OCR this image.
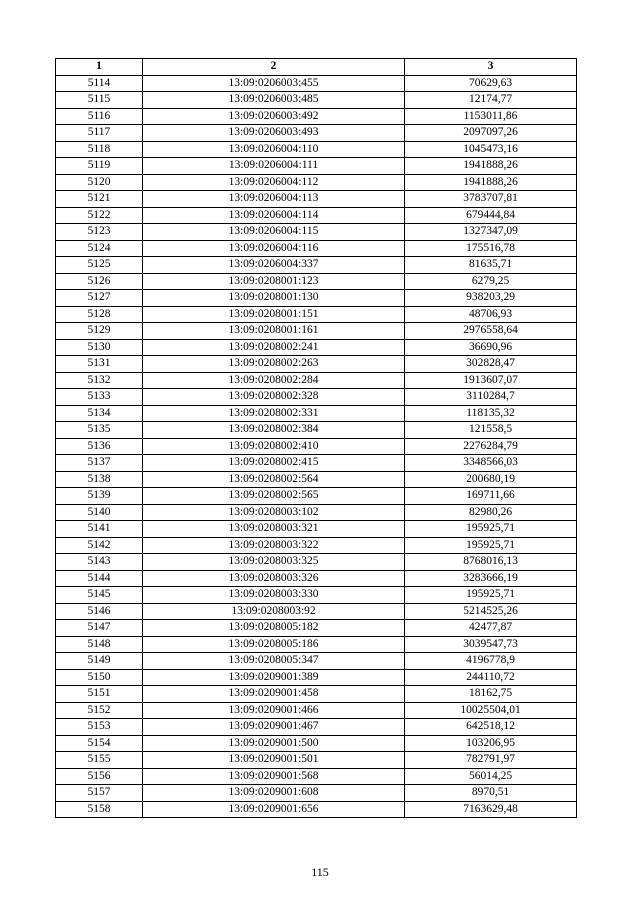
1	2	3
5114	13:09:0206003:455	70629,63
5115	13:09:0206003:485	12174,77
5116	13:09:0206003:492	1153011,86
5117	13:09:0206003:493	2097097,26
5118	13:09:0206004:110	1045473,16
5119	13:09:0206004:111	1941888,26
5120	13:09:0206004:112	1941888,26
5121	13:09:0206004:113	3783707,81
5122	13:09:0206004:114	679444,84
5123	13:09:0206004:115	1327347,09
5124	13:09:0206004:116	175516,78
5125	13:09:0206004:337	81635,71
5126	13:09:0208001:123	6279,25
5127	13:09:0208001:130	938203,29
5128	13:09:0208001:151	48706,93
5129	13:09:0208001:161	2976558,64
5130	13:09:0208002:241	36690,96
5131	13:09:0208002:263	302828,47
5132	13:09:0208002:284	1913607,07
5133	13:09:0208002:328	3110284,7
5134	13:09:0208002:331	118135,32
5135	13:09:0208002:384	121558,5
5136	13:09:0208002:410	2276284,79
5137	13:09:0208002:415	3348566,03
5138	13:09:0208002:564	200680,19
5139	13:09:0208002:565	169711,66
5140	13:09:0208003:102	82980,26
5141	13:09:0208003:321	195925,71
5142	13:09:0208003:322	195925,71
5143	13:09:0208003:325	8768016,13
5144	13:09:0208003:326	3283666,19
5145	13:09:0208003:330	195925,71
5146	13:09:0208003:92	5214525,26
5147	13:09:0208005:182	42477,87
5148	13:09:0208005:186	3039547,73
5149	13:09:0208005:347	4196778,9
5150	13:09:0209001:389	244110,72
5151	13:09:0209001:458	18162,75
5152	13:09:0209001:466	10025504,01
5153	13:09:0209001:467	642518,12
5154	13:09:0209001:500	103206,95
5155	13:09:0209001:501	782791,97
5156	13:09:0209001:568	56014,25
5157	13:09:0209001:608	8970,51
5158	13:09:0209001:656	7163629,48
115
